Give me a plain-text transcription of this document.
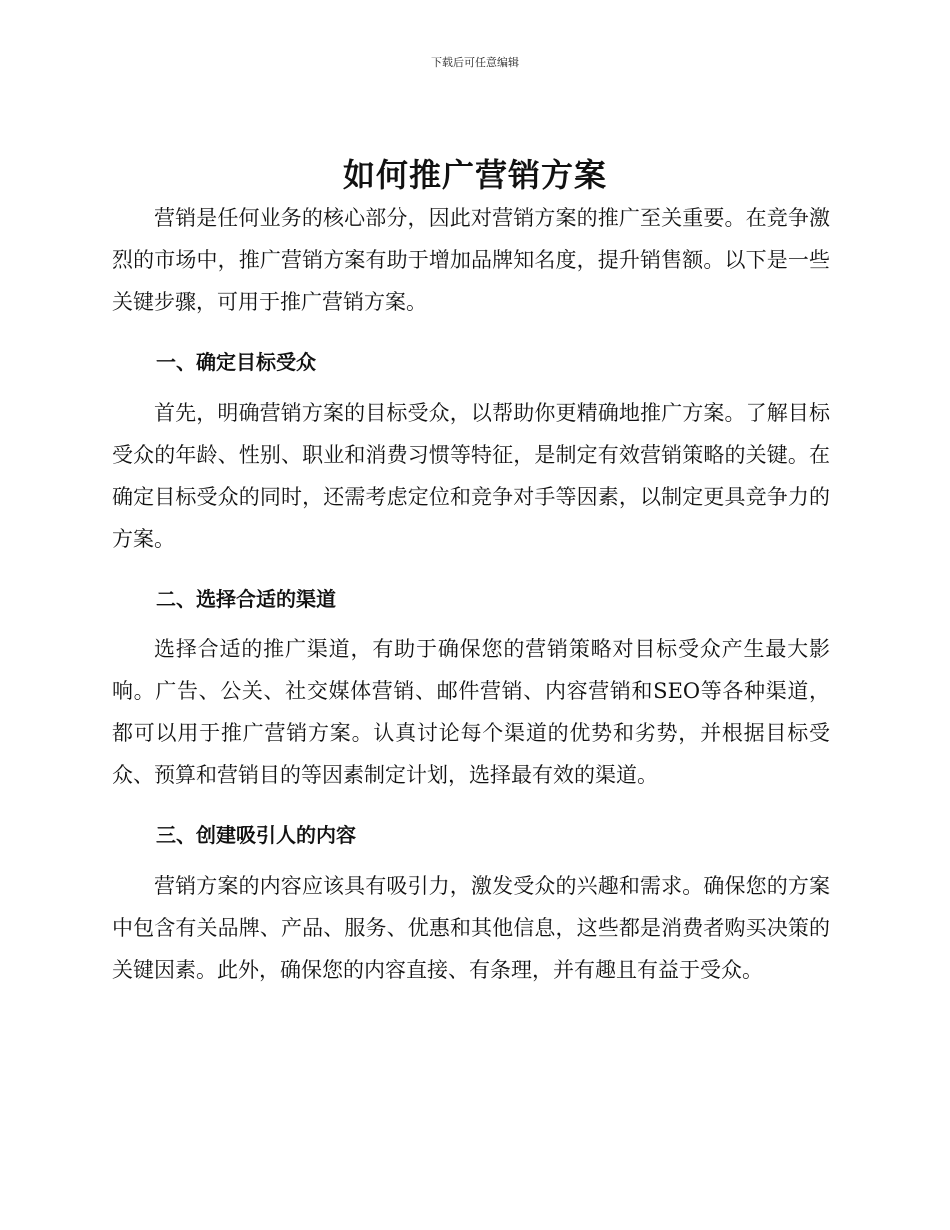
下载后可任意编辑
如何推广营销方案

营销是任何业务的核心部分，因此对营销方案的推广至关重要。在竞争激烈的市场中，推广营销方案有助于增加品牌知名度，提升销售额。以下是一些关键步骤，可用于推广营销方案。

一、确定目标受众

首先，明确营销方案的目标受众，以帮助你更精确地推广方案。了解目标受众的年龄、性别、职业和消费习惯等特征，是制定有效营销策略的关键。在确定目标受众的同时，还需考虑定位和竞争对手等因素，以制定更具竞争力的方案。

二、选择合适的渠道

选择合适的推广渠道，有助于确保您的营销策略对目标受众产生最大影响。广告、公关、社交媒体营销、邮件营销、内容营销和SEO等各种渠道，都可以用于推广营销方案。认真讨论每个渠道的优势和劣势，并根据目标受众、预算和营销目的等因素制定计划，选择最有效的渠道。

三、创建吸引人的内容

营销方案的内容应该具有吸引力，激发受众的兴趣和需求。确保您的方案中包含有关品牌、产品、服务、优惠和其他信息，这些都是消费者购买决策的关键因素。此外，确保您的内容直接、有条理，并有趣且有益于受众。
